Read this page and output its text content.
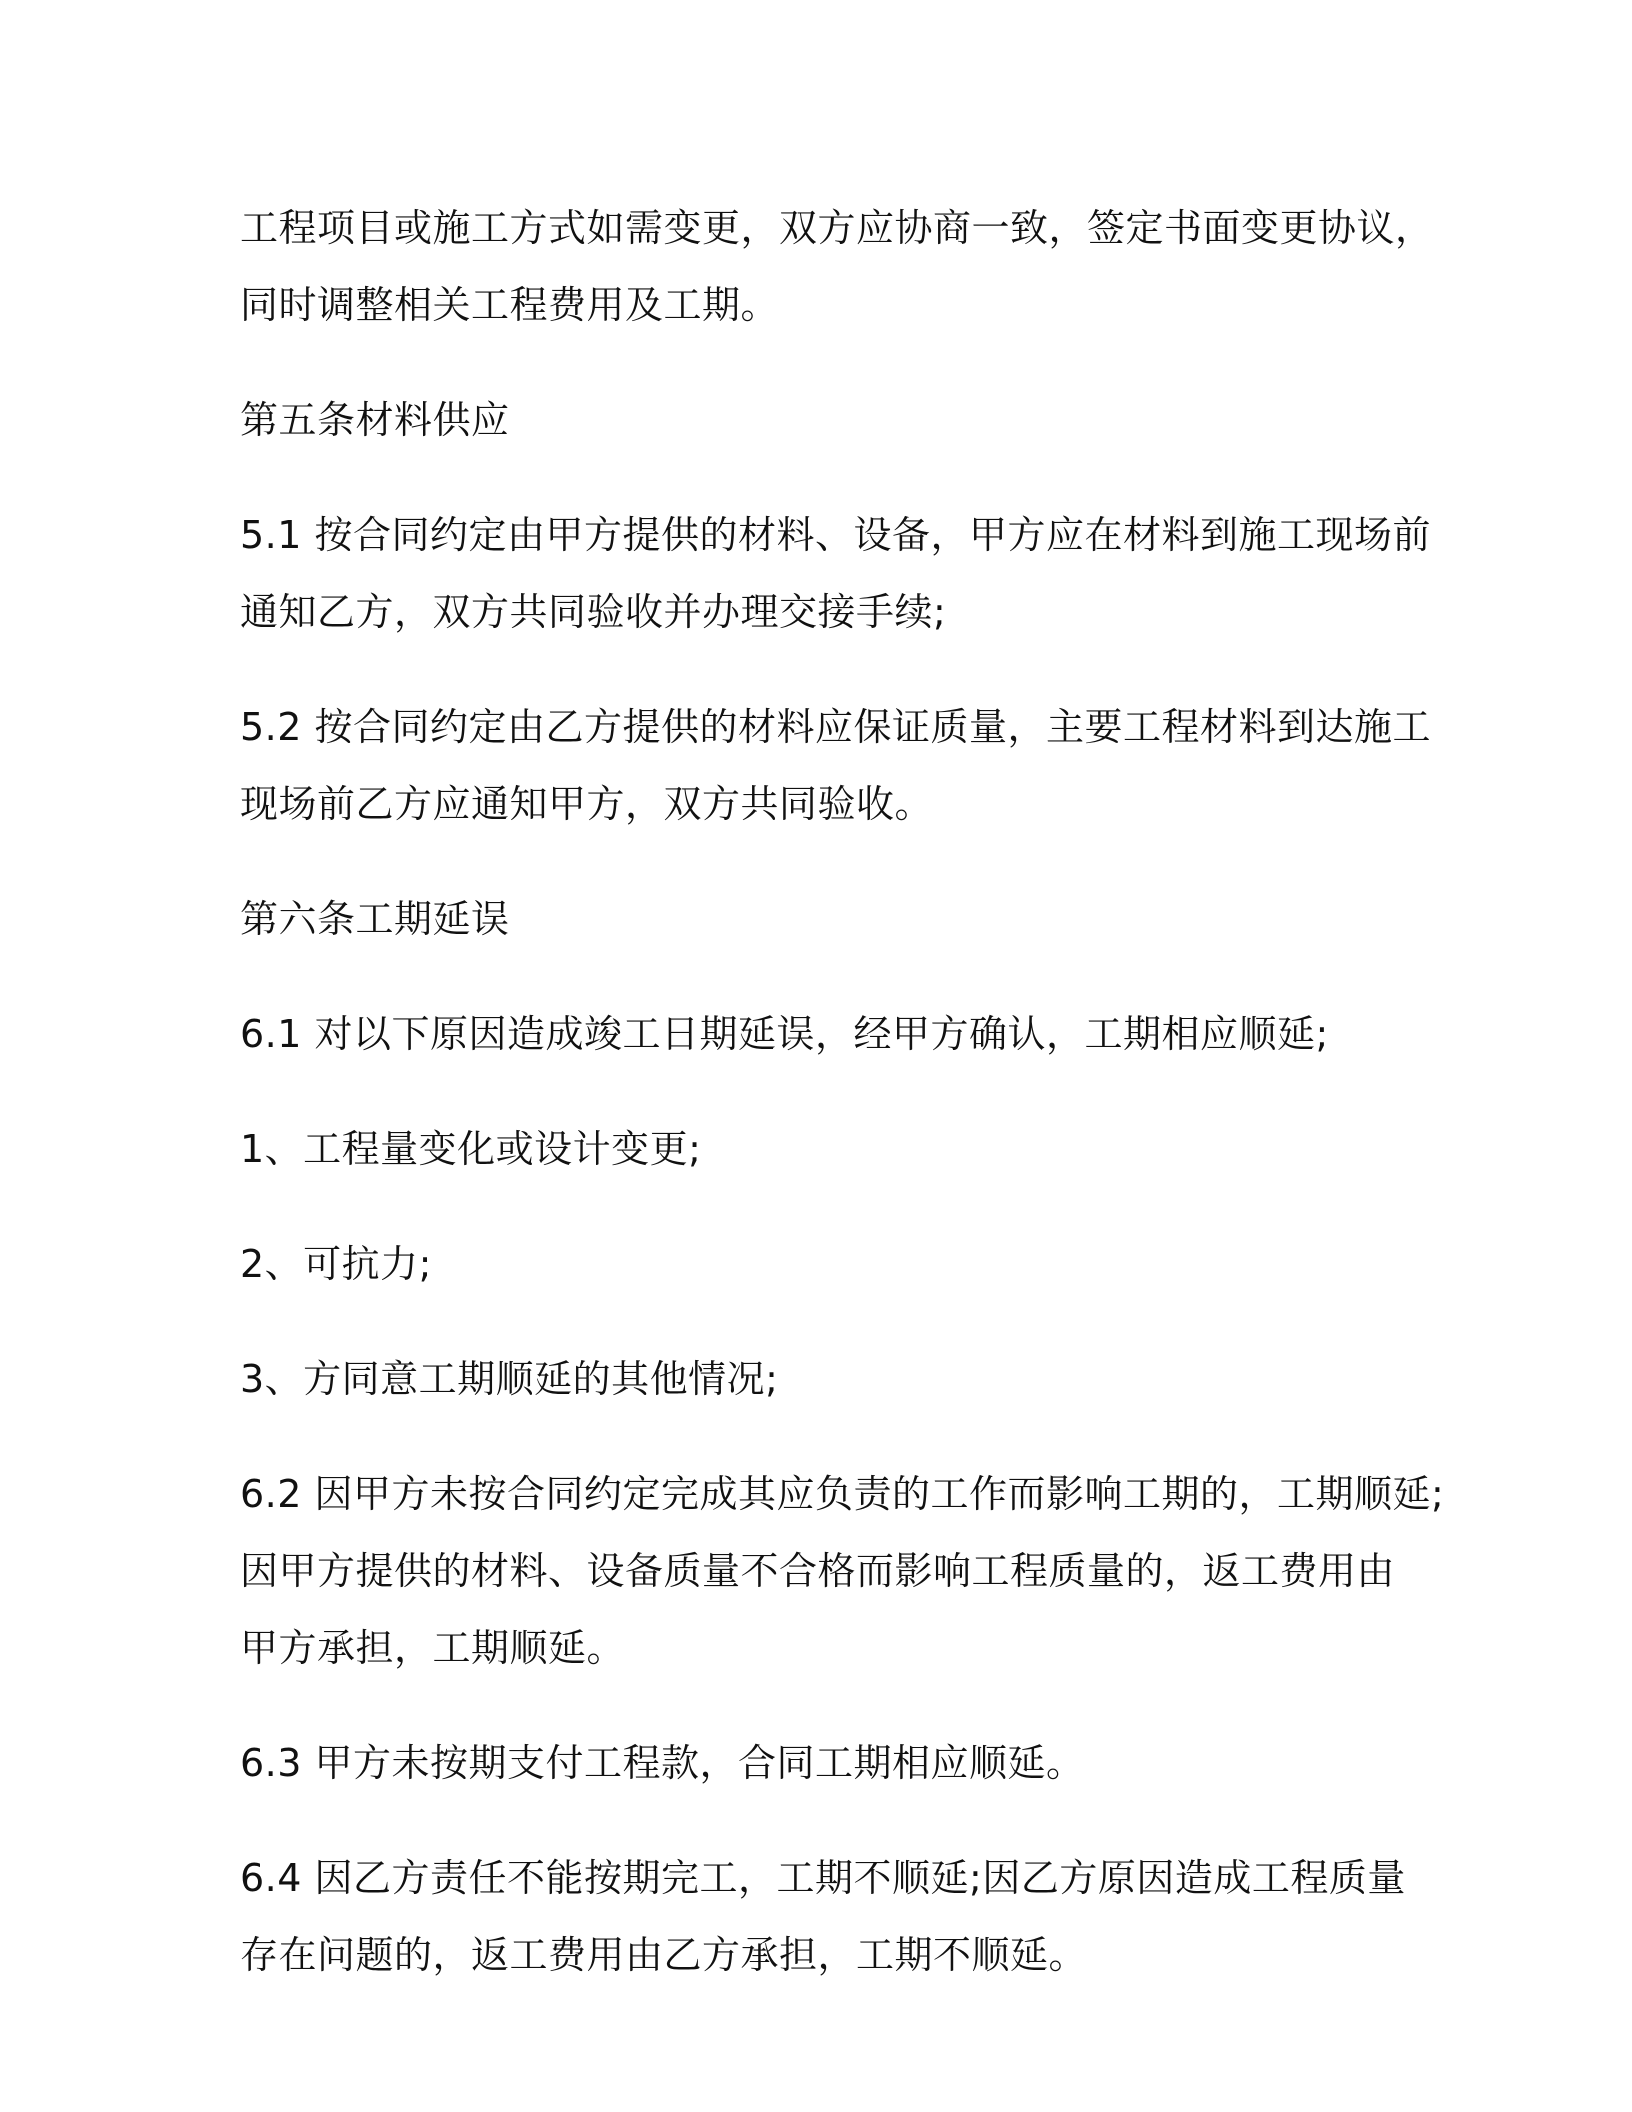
工程项目或施工方式如需变更，双方应协商一致，签定书面变更协议，
同时调整相关工程费用及工期。

第五条材料供应

5.1 按合同约定由甲方提供的材料、设备，甲方应在材料到施工现场前
通知乙方，双方共同验收并办理交接手续;

5.2 按合同约定由乙方提供的材料应保证质量，主要工程材料到达施工
现场前乙方应通知甲方，双方共同验收。

第六条工期延误

6.1 对以下原因造成竣工日期延误，经甲方确认，工期相应顺延;

1、工程量变化或设计变更;

2、可抗力;

3、方同意工期顺延的其他情况;

6.2 因甲方未按合同约定完成其应负责的工作而影响工期的，工期顺延;
因甲方提供的材料、设备质量不合格而影响工程质量的，返工费用由
甲方承担，工期顺延。

6.3 甲方未按期支付工程款，合同工期相应顺延。

6.4 因乙方责任不能按期完工，工期不顺延;因乙方原因造成工程质量
存在问题的，返工费用由乙方承担，工期不顺延。
